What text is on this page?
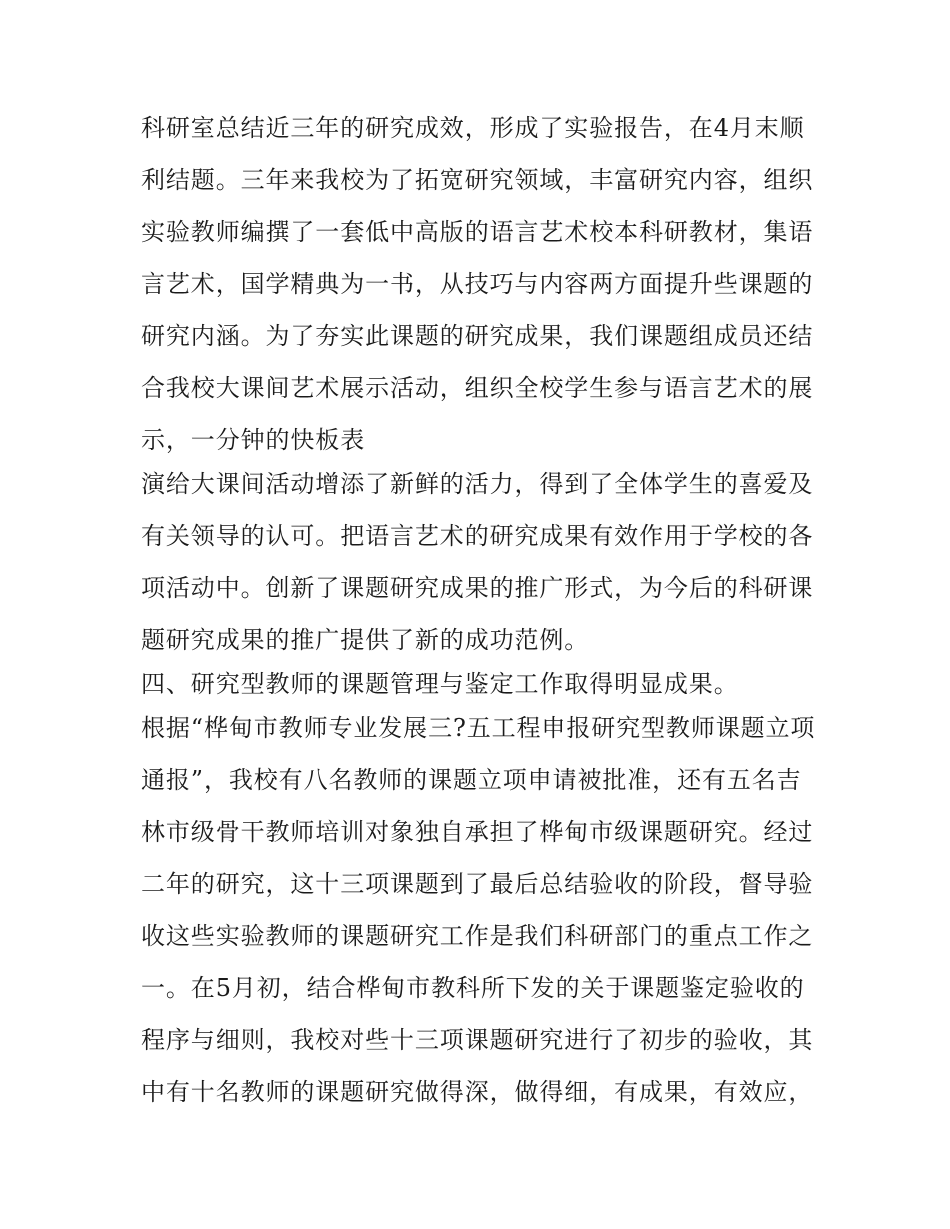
科研室总结近三年的研究成效，形成了实验报告，在4月末顺
利结题。三年来我校为了拓宽研究领域，丰富研究内容，组织
实验教师编撰了一套低中高版的语言艺术校本科研教材，集语
言艺术，国学精典为一书，从技巧与内容两方面提升些课题的
研究内涵。为了夯实此课题的研究成果，我们课题组成员还结
合我校大课间艺术展示活动，组织全校学生参与语言艺术的展
示，一分钟的快板表
演给大课间活动增添了新鲜的活力，得到了全体学生的喜爱及
有关领导的认可。把语言艺术的研究成果有效作用于学校的各
项活动中。创新了课题研究成果的推广形式，为今后的科研课
题研究成果的推广提供了新的成功范例。
四、研究型教师的课题管理与鉴定工作取得明显成果。
根据“桦甸市教师专业发展三?五工程申报研究型教师课题立项
通报”，我校有八名教师的课题立项申请被批准，还有五名吉
林市级骨干教师培训对象独自承担了桦甸市级课题研究。经过
二年的研究，这十三项课题到了最后总结验收的阶段，督导验
收这些实验教师的课题研究工作是我们科研部门的重点工作之
一。在5月初，结合桦甸市教科所下发的关于课题鉴定验收的
程序与细则，我校对些十三项课题研究进行了初步的验收，其
中有十名教师的课题研究做得深，做得细，有成果，有效应，
